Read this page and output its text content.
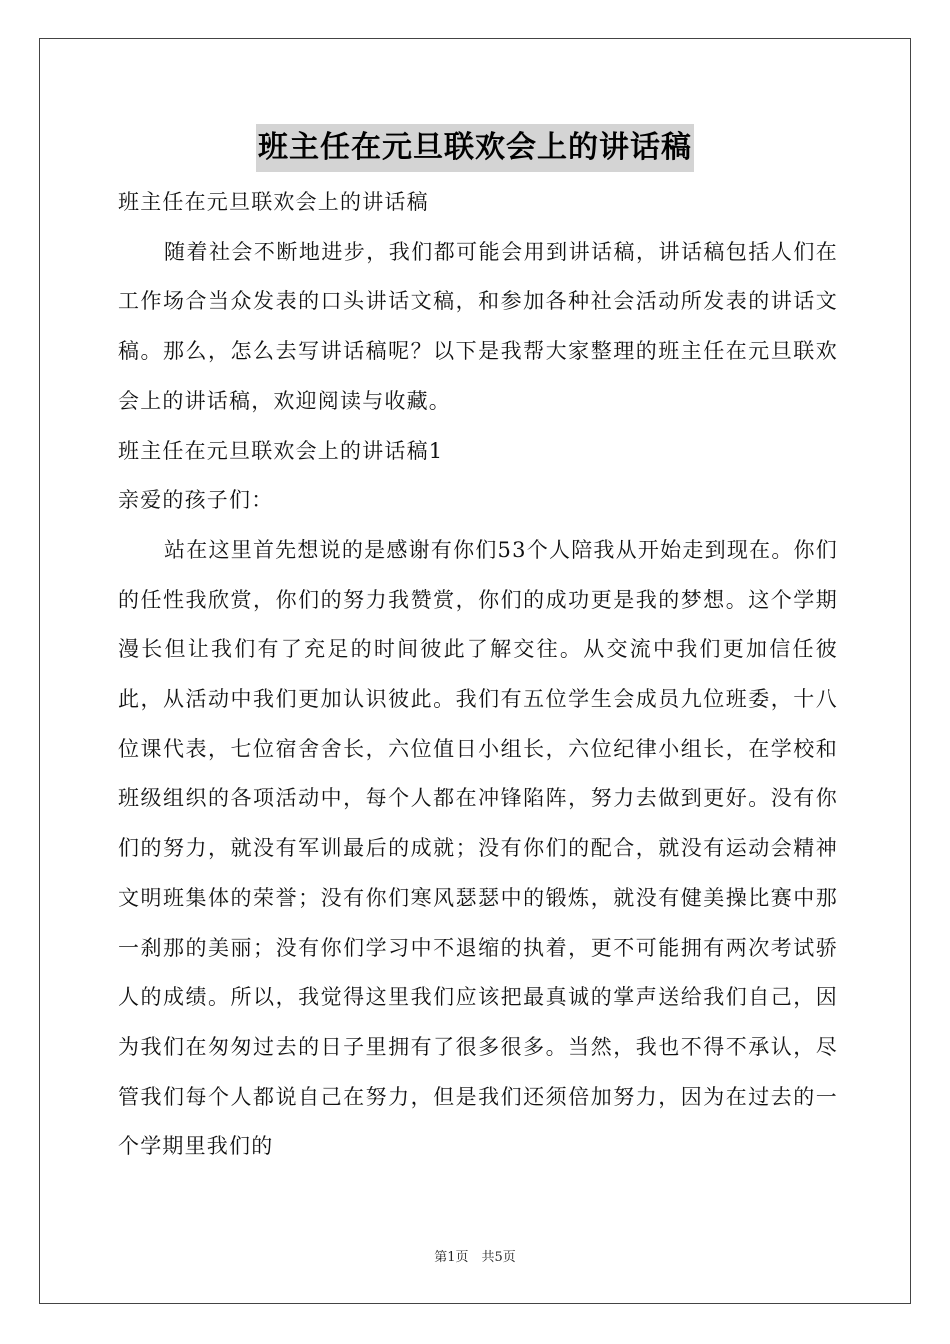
班主任在元旦联欢会上的讲话稿

班主任在元旦联欢会上的讲话稿

随着社会不断地进步，我们都可能会用到讲话稿，讲话稿包括人们在工作场合当众发表的口头讲话文稿，和参加各种社会活动所发表的讲话文稿。那么，怎么去写讲话稿呢？以下是我帮大家整理的班主任在元旦联欢会上的讲话稿，欢迎阅读与收藏。

班主任在元旦联欢会上的讲话稿1

亲爱的孩子们：

站在这里首先想说的是感谢有你们53个人陪我从开始走到现在。你们的任性我欣赏，你们的努力我赞赏，你们的成功更是我的梦想。这个学期漫长但让我们有了充足的时间彼此了解交往。从交流中我们更加信任彼此，从活动中我们更加认识彼此。我们有五位学生会成员九位班委，十八位课代表，七位宿舍舍长，六位值日小组长，六位纪律小组长，在学校和班级组织的各项活动中，每个人都在冲锋陷阵，努力去做到更好。没有你们的努力，就没有军训最后的成就；没有你们的配合，就没有运动会精神文明班集体的荣誉；没有你们寒风瑟瑟中的锻炼，就没有健美操比赛中那一刹那的美丽；没有你们学习中不退缩的执着，更不可能拥有两次考试骄人的成绩。所以，我觉得这里我们应该把最真诚的掌声送给我们自己，因为我们在匆匆过去的日子里拥有了很多很多。当然，我也不得不承认，尽管我们每个人都说自己在努力，但是我们还须倍加努力，因为在过去的一个学期里我们的

第1页　共5页
